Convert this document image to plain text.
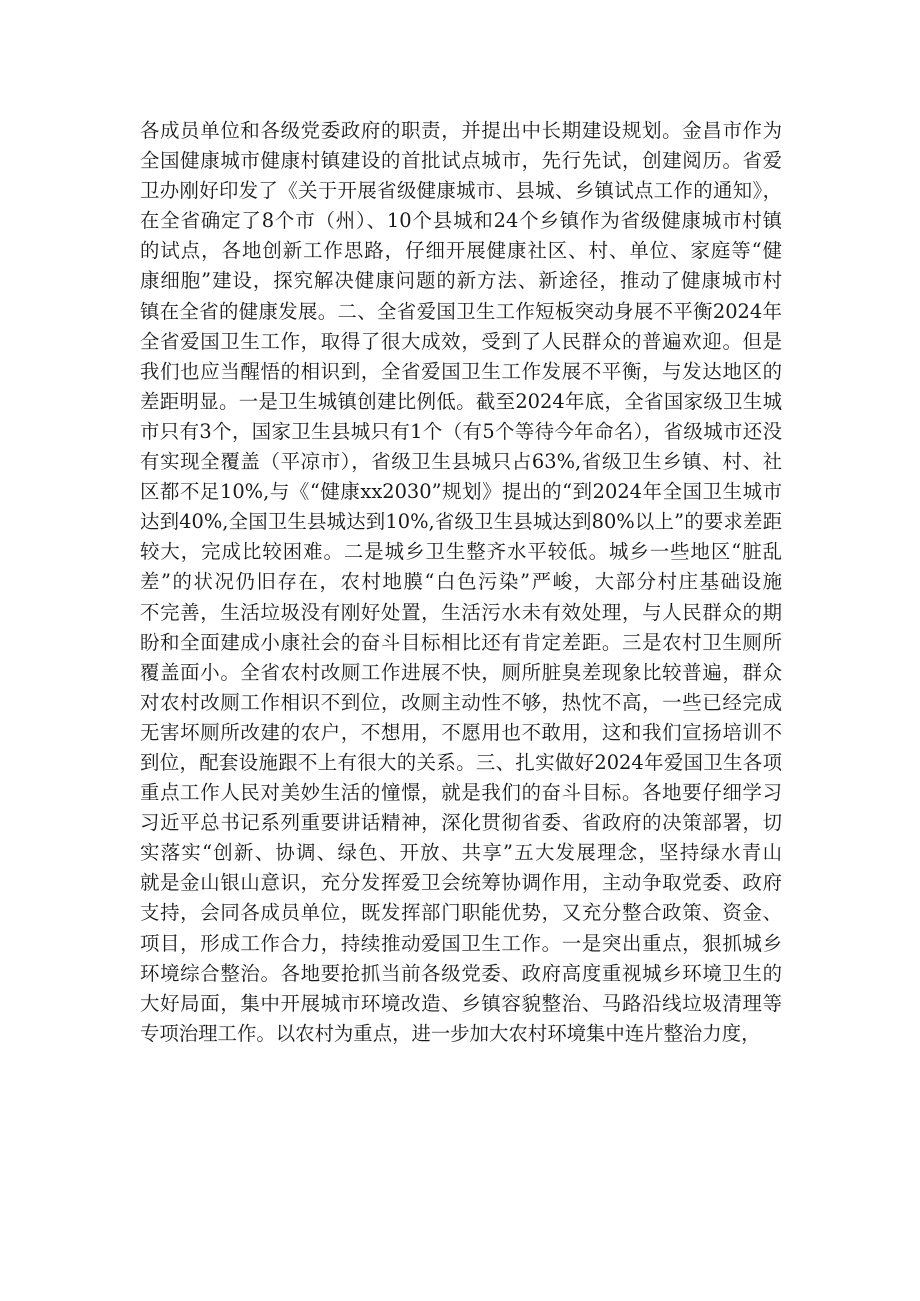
各成员单位和各级党委政府的职责，并提出中长期建设规划。金昌市作为
全国健康城市健康村镇建设的首批试点城市，先行先试，创建阅历。省爱
卫办刚好印发了《关于开展省级健康城市、县城、乡镇试点工作的通知》，
在全省确定了8个市（州）、10个县城和24个乡镇作为省级健康城市村镇
的试点，各地创新工作思路，仔细开展健康社区、村、单位、家庭等“健
康细胞”建设，探究解决健康问题的新方法、新途径，推动了健康城市村
镇在全省的健康发展。二、全省爱国卫生工作短板突动身展不平衡2024年
全省爱国卫生工作，取得了很大成效，受到了人民群众的普遍欢迎。但是
我们也应当醒悟的相识到，全省爱国卫生工作发展不平衡，与发达地区的
差距明显。一是卫生城镇创建比例低。截至2024年底，全省国家级卫生城
市只有3个，国家卫生县城只有1个（有5个等待今年命名），省级城市还没
有实现全覆盖（平凉市），省级卫生县城只占63%,省级卫生乡镇、村、社
区都不足10%,与《“健康xx2030”规划》提出的“到2024年全国卫生城市
达到40%,全国卫生县城达到10%,省级卫生县城达到80%以上”的要求差距
较大，完成比较困难。二是城乡卫生整齐水平较低。城乡一些地区“脏乱
差”的状况仍旧存在，农村地膜“白色污染”严峻，大部分村庄基础设施
不完善，生活垃圾没有刚好处置，生活污水未有效处理，与人民群众的期
盼和全面建成小康社会的奋斗目标相比还有肯定差距。三是农村卫生厕所
覆盖面小。全省农村改厕工作进展不快，厕所脏臭差现象比较普遍，群众
对农村改厕工作相识不到位，改厕主动性不够，热忱不高，一些已经完成
无害坏厕所改建的农户，不想用，不愿用也不敢用，这和我们宣扬培训不
到位，配套设施跟不上有很大的关系。三、扎实做好2024年爱国卫生各项
重点工作人民对美妙生活的憧憬，就是我们的奋斗目标。各地要仔细学习
习近平总书记系列重要讲话精神，深化贯彻省委、省政府的决策部署，切
实落实“创新、协调、绿色、开放、共享”五大发展理念，坚持绿水青山
就是金山银山意识，充分发挥爱卫会统筹协调作用，主动争取党委、政府
支持，会同各成员单位，既发挥部门职能优势，又充分整合政策、资金、
项目，形成工作合力，持续推动爱国卫生工作。一是突出重点，狠抓城乡
环境综合整治。各地要抢抓当前各级党委、政府高度重视城乡环境卫生的
大好局面，集中开展城市环境改造、乡镇容貌整治、马路沿线垃圾清理等
专项治理工作。以农村为重点，进一步加大农村环境集中连片整治力度，
